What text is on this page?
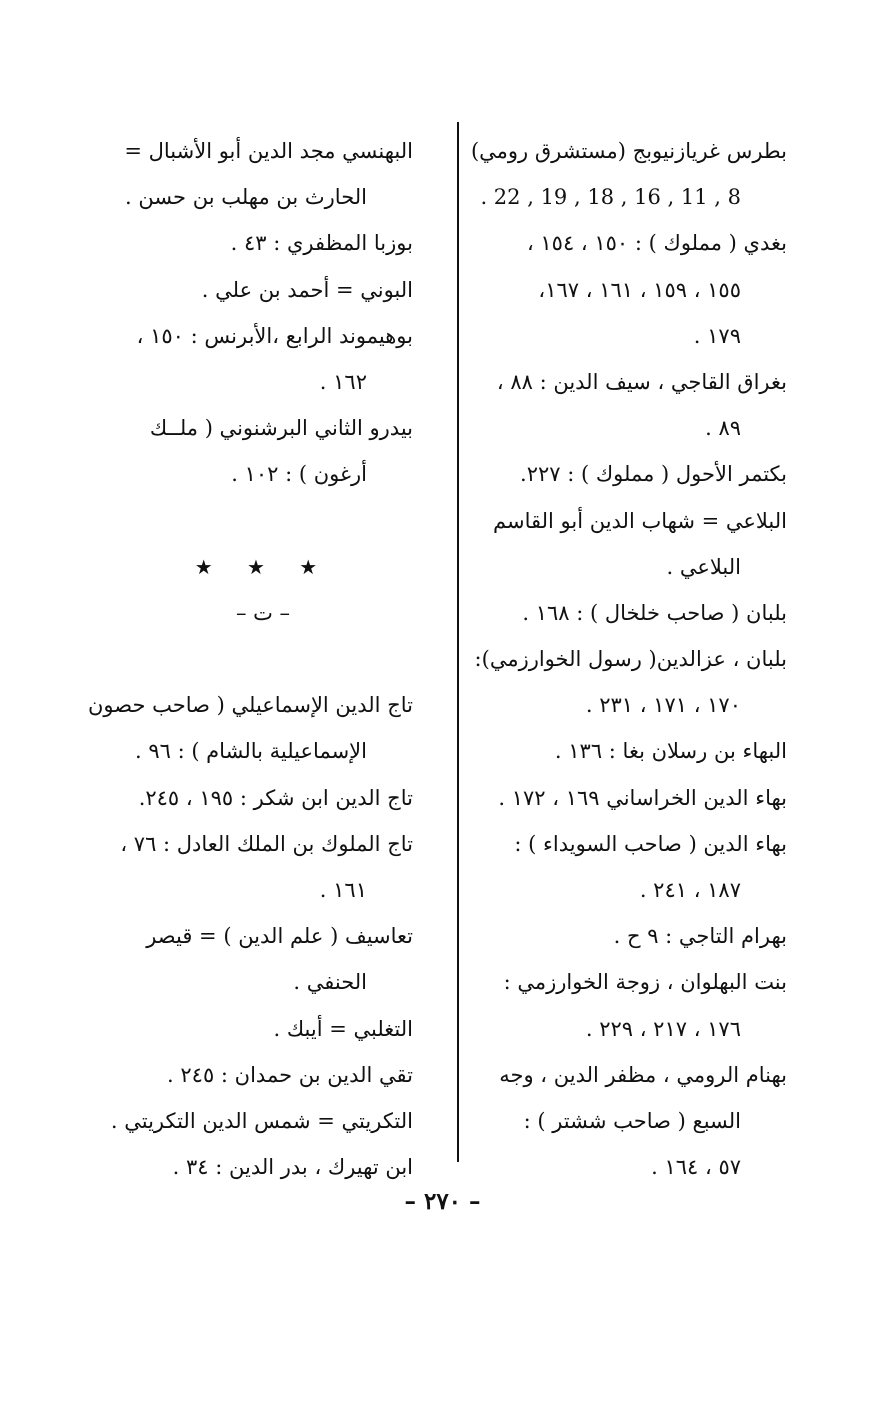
بطرس غريازنيوبج (مستشرق رومي)
8 , 11 , 16 , 18 , 19 , 22 .
بغدي ( مملوك ) : ١٥٠ ، ١٥٤ ،
١٥٥ ، ١٥٩ ، ١٦١ ، ١٦٧،
١٧٩ .
بغراق القاجي ، سيف الدين : ٨٨ ،
٨٩ .
بكتمر الأحول ( مملوك ) : ٢٢٧.
البلاعي = شهاب الدين أبو القاسم
البلاعي .
بلبان ( صاحب خلخال ) : ١٦٨ .
بلبان ، عزالدين( رسول الخوارزمي):
١٧٠ ، ١٧١ ، ٢٣١ .
البهاء بن رسلان بغا : ١٣٦ .
بهاء الدين الخراساني ١٦٩ ، ١٧٢ .
بهاء الدين ( صاحب السويداء ) :
١٨٧ ، ٢٤١ .
بهرام التاجي : ٩ ح .
بنت البهلوان ، زوجة الخوارزمي :
١٧٦ ، ٢١٧ ، ٢٢٩ .
بهنام الرومي ، مظفر الدين ، وجه
السبع ( صاحب ششتر ) :
٥٧ ، ١٦٤ .
البهنسي مجد الدين أبو الأشبال =
الحارث بن مهلب بن حسن .
بوزبا المظفري : ٤٣ .
البوني = أحمد بن علي .
بوهيموند الرابع ،الأبرنس : ١٥٠ ،
١٦٢ .
بيدرو الثاني البرشنوني ( ملــك
أرغون ) : ١٠٢ .
★ ★ ★
– ت –
تاج الدين الإسماعيلي ( صاحب حصون
الإسماعيلية بالشام ) : ٩٦ .
تاج الدين ابن شكر : ١٩٥ ، ٢٤٥.
تاج الملوك بن الملك العادل : ٧٦ ،
١٦١ .
تعاسيف ( علم الدين ) = قيصر
الحنفي .
التغلبي = أيبك .
تقي الدين بن حمدان : ٢٤٥ .
التكريتي = شمس الدين التكريتي .
ابن تهيرك ، بدر الدين : ٣٤ .
– ٢٧٠ –
